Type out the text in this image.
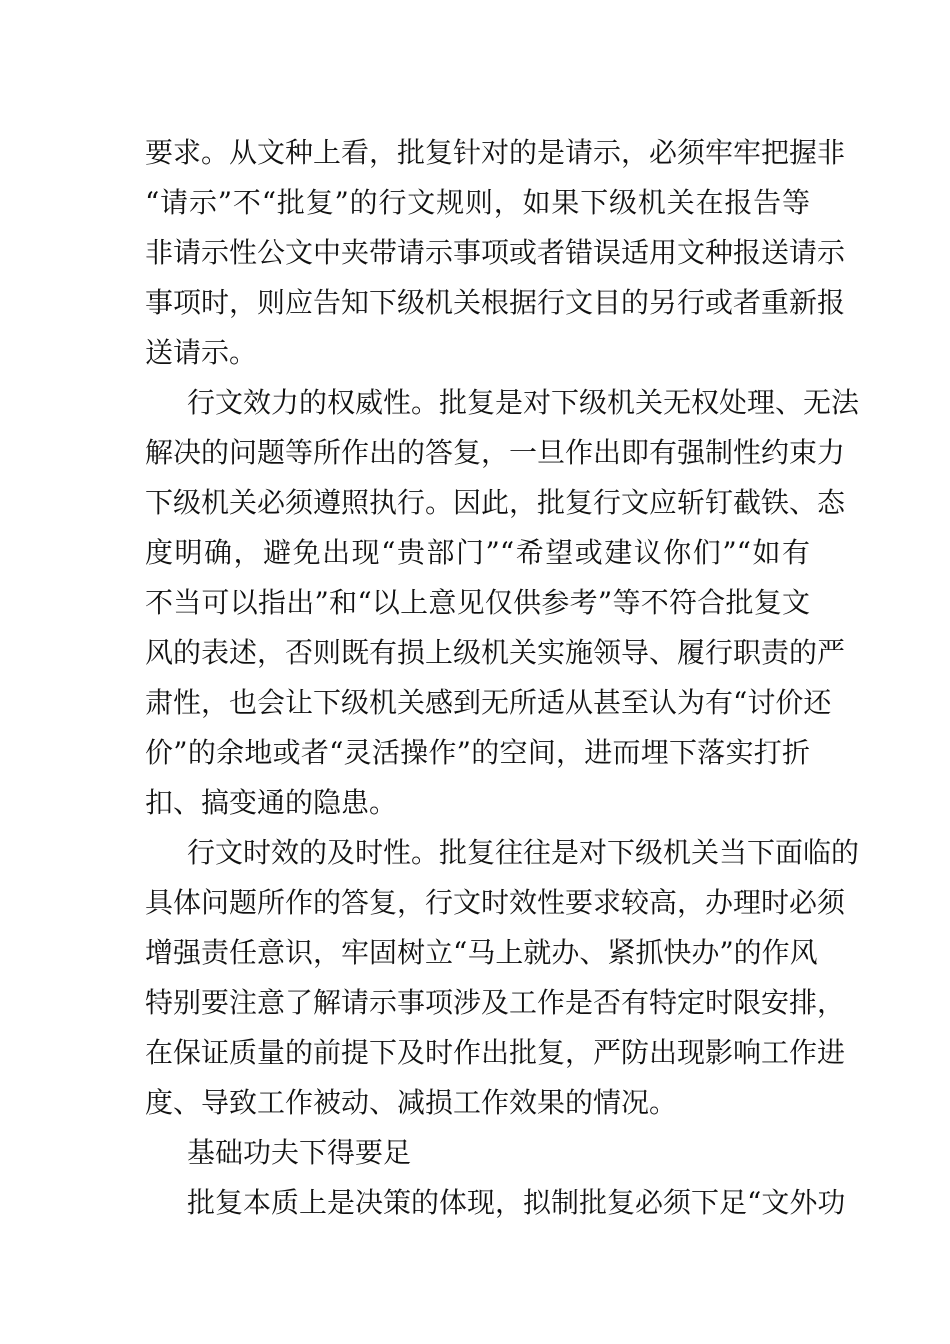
要求。从文种上看，批复针对的是请示，必须牢牢把握非
“请示”不“批复”的行文规则，如果下级机关在报告等
非请示性公文中夹带请示事项或者错误适用文种报送请示
事项时，则应告知下级机关根据行文目的另行或者重新报
送请示。
行文效力的权威性。批复是对下级机关无权处理、无法
解决的问题等所作出的答复，一旦作出即有强制性约束力
下级机关必须遵照执行。因此，批复行文应斩钉截铁、态
度明确，避免出现“贵部门”“希望或建议你们”“如有
不当可以指出”和“以上意见仅供参考”等不符合批复文
风的表述，否则既有损上级机关实施领导、履行职责的严
肃性，也会让下级机关感到无所适从甚至认为有“讨价还
价”的余地或者“灵活操作”的空间，进而埋下落实打折
扣、搞变通的隐患。
行文时效的及时性。批复往往是对下级机关当下面临的
具体问题所作的答复，行文时效性要求较高，办理时必须
增强责任意识，牢固树立“马上就办、紧抓快办”的作风
特别要注意了解请示事项涉及工作是否有特定时限安排，
在保证质量的前提下及时作出批复，严防出现影响工作进
度、导致工作被动、减损工作效果的情况。
基础功夫下得要足
批复本质上是决策的体现，拟制批复必须下足“文外功
